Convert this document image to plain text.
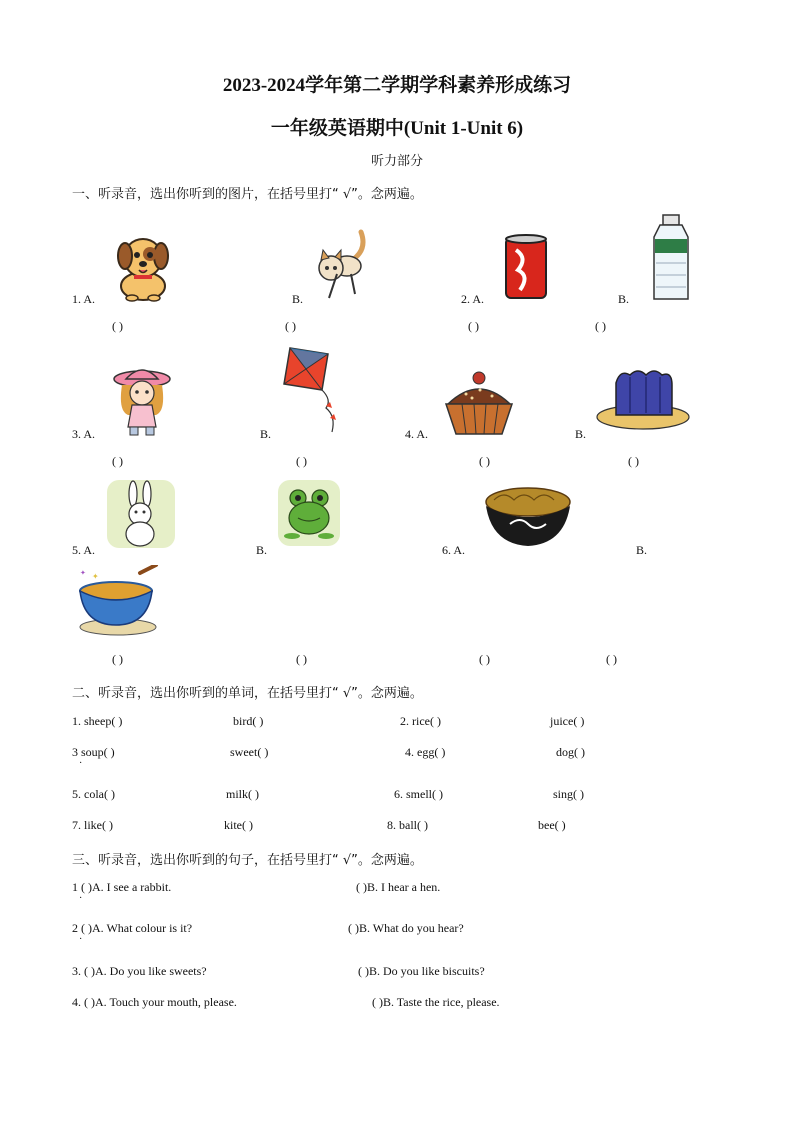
2023-2024学年第二学期学科素养形成练习
一年级英语期中(Unit 1-Unit 6)
听力部分
一、听录音，选出你听到的图片，在括号里打“ √”。念两遍。
1. A.	B.	2. A.	B.
( )	( )	( )	( )
3. A.	B.	4. A.	B.
( )	( )	( )	( )
✦
✦
5. A.	B.	6. A.	B.
( )	( )	( )	( )
二、听录音，选出你听到的单词，在括号里打“ √”。念两遍。
1. sheep( )	bird( )	2. rice( )	juice( )
3 soup( )	sweet( )	4. egg( )	dog( )
·
5. cola( )	milk( )	6. smell( )	sing( )
7. like( )	kite( )	8. ball( )	bee( )
三、听录音，选出你听到的句子，在括号里打“ √”。念两遍。
1 ( )A. I see a rabbit.	( )B. I hear a hen.
·
2 ( )A. What colour is it?	( )B. What do you hear?
·
3. ( )A. Do you like sweets?	( )B. Do you like biscuits?
4. ( )A. Touch your mouth, please.	( )B. Taste the rice, please.
